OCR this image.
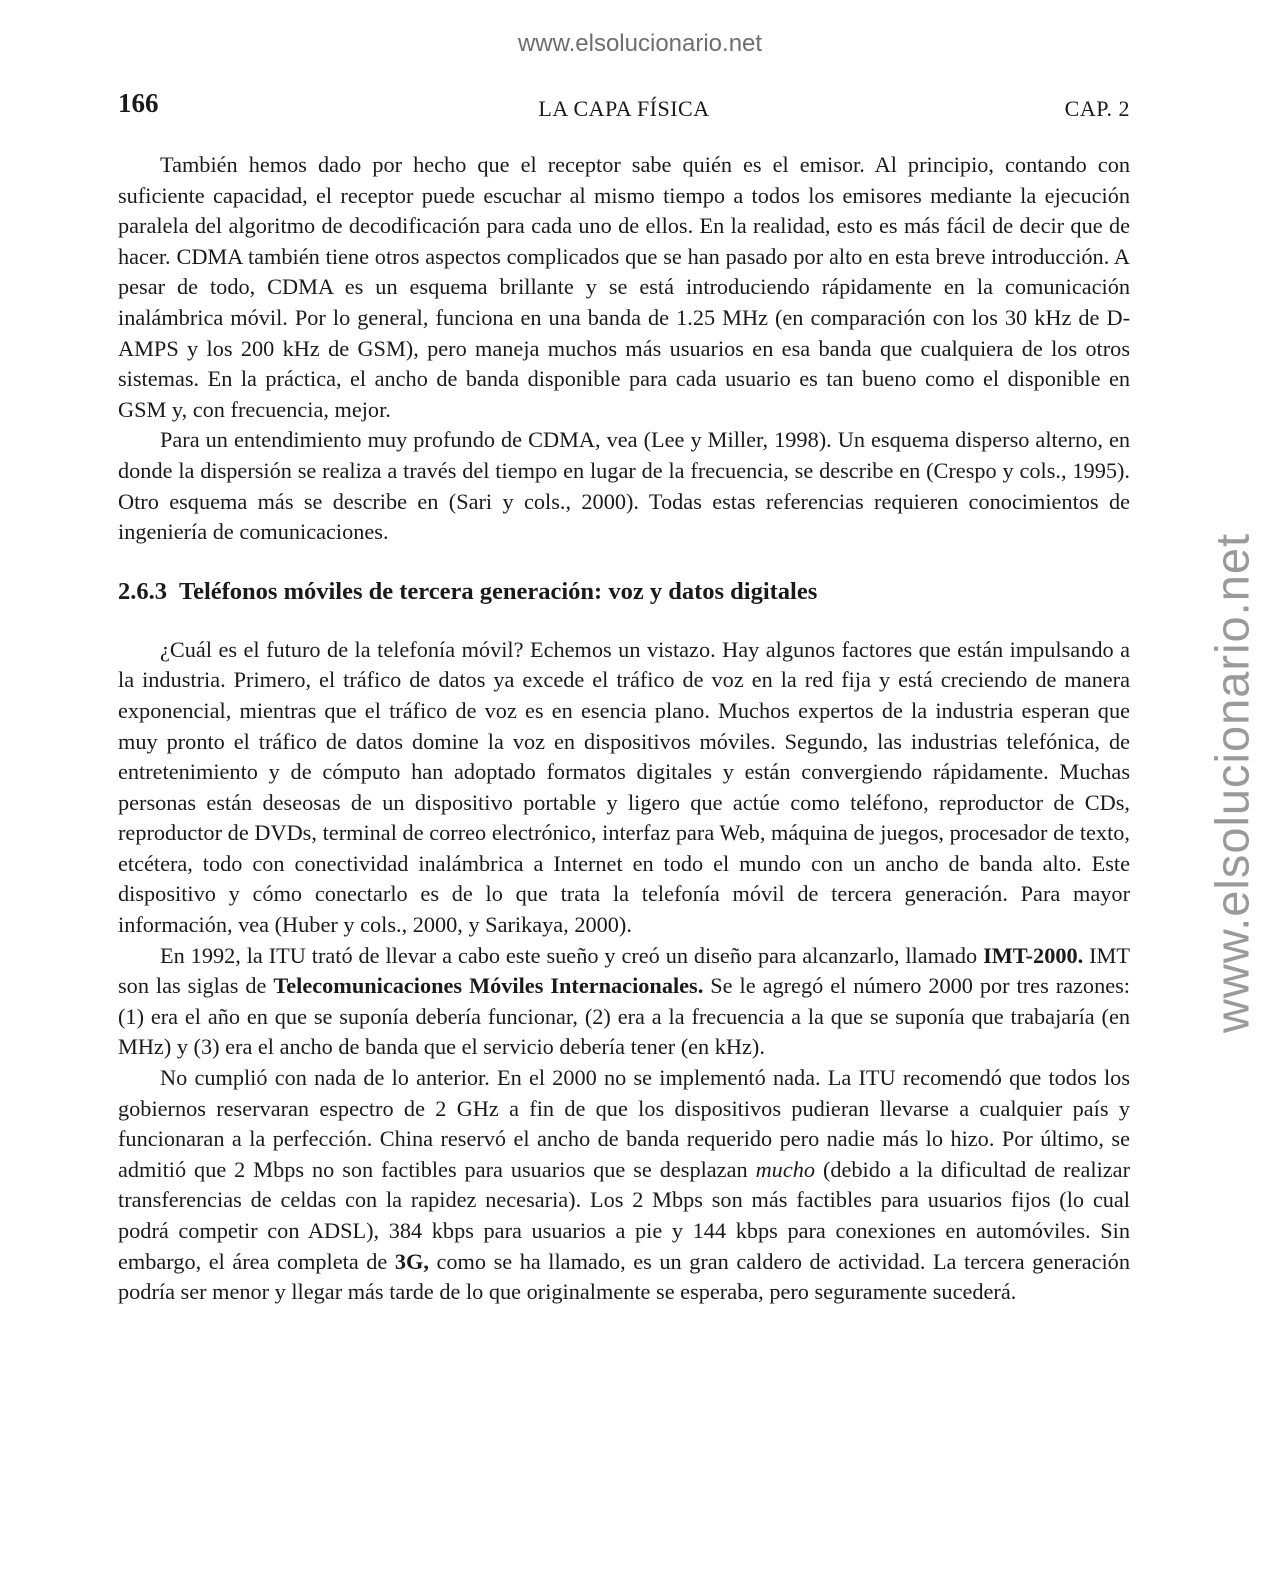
www.elsolucionario.net
www.elsolucionario.net
166	LA CAPA FÍSICA	CAP. 2

También hemos dado por hecho que el receptor sabe quién es el emisor. Al principio, contando con suficiente capacidad, el receptor puede escuchar al mismo tiempo a todos los emisores mediante la ejecución paralela del algoritmo de decodificación para cada uno de ellos. En la realidad, esto es más fácil de decir que de hacer. CDMA también tiene otros aspectos complicados que se han pasado por alto en esta breve introducción. A pesar de todo, CDMA es un esquema brillante y se está introduciendo rápidamente en la comunicación inalámbrica móvil. Por lo general, funciona en una banda de 1.25 MHz (en comparación con los 30 kHz de D-AMPS y los 200 kHz de GSM), pero maneja muchos más usuarios en esa banda que cualquiera de los otros sistemas. En la práctica, el ancho de banda disponible para cada usuario es tan bueno como el disponible en GSM y, con frecuencia, mejor.

Para un entendimiento muy profundo de CDMA, vea (Lee y Miller, 1998). Un esquema disperso alterno, en donde la dispersión se realiza a través del tiempo en lugar de la frecuencia, se describe en (Crespo y cols., 1995). Otro esquema más se describe en (Sari y cols., 2000). Todas estas referencias requieren conocimientos de ingeniería de comunicaciones.

2.6.3 Teléfonos móviles de tercera generación: voz y datos digitales

¿Cuál es el futuro de la telefonía móvil? Echemos un vistazo. Hay algunos factores que están impulsando a la industria. Primero, el tráfico de datos ya excede el tráfico de voz en la red fija y está creciendo de manera exponencial, mientras que el tráfico de voz es en esencia plano. Muchos expertos de la industria esperan que muy pronto el tráfico de datos domine la voz en dispositivos móviles. Segundo, las industrias telefónica, de entretenimiento y de cómputo han adoptado formatos digitales y están convergiendo rápidamente. Muchas personas están deseosas de un dispositivo portable y ligero que actúe como teléfono, reproductor de CDs, reproductor de DVDs, terminal de correo electrónico, interfaz para Web, máquina de juegos, procesador de texto, etcétera, todo con conectividad inalámbrica a Internet en todo el mundo con un ancho de banda alto. Este dispositivo y cómo conectarlo es de lo que trata la telefonía móvil de tercera generación. Para mayor información, vea (Huber y cols., 2000, y Sarikaya, 2000).

En 1992, la ITU trató de llevar a cabo este sueño y creó un diseño para alcanzarlo, llamado IMT-2000. IMT son las siglas de Telecomunicaciones Móviles Internacionales. Se le agregó el número 2000 por tres razones: (1) era el año en que se suponía debería funcionar, (2) era a la frecuencia a la que se suponía que trabajaría (en MHz) y (3) era el ancho de banda que el servicio debería tener (en kHz).

No cumplió con nada de lo anterior. En el 2000 no se implementó nada. La ITU recomendó que todos los gobiernos reservaran espectro de 2 GHz a fin de que los dispositivos pudieran llevarse a cualquier país y funcionaran a la perfección. China reservó el ancho de banda requerido pero nadie más lo hizo. Por último, se admitió que 2 Mbps no son factibles para usuarios que se desplazan mucho (debido a la dificultad de realizar transferencias de celdas con la rapidez necesaria). Los 2 Mbps son más factibles para usuarios fijos (lo cual podrá competir con ADSL), 384 kbps para usuarios a pie y 144 kbps para conexiones en automóviles. Sin embargo, el área completa de 3G, como se ha llamado, es un gran caldero de actividad. La tercera generación podría ser menor y llegar más tarde de lo que originalmente se esperaba, pero seguramente sucederá.
